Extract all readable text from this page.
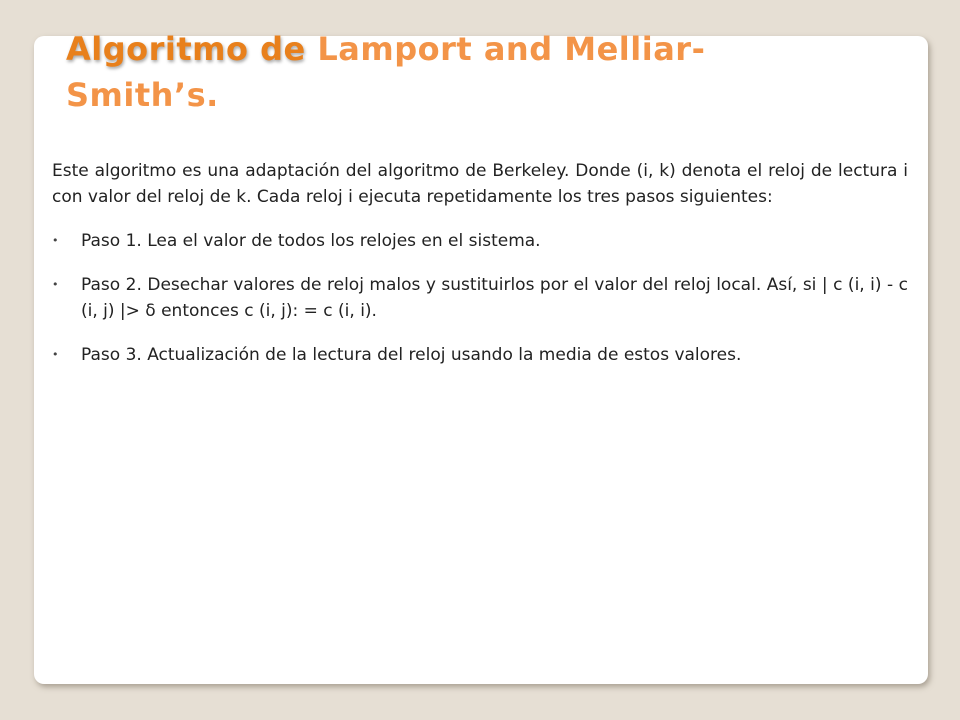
Algoritmo de Lamport and Melliar-Smith’s.

Este algoritmo es una adaptación del algoritmo de Berkeley. Donde (i, k) denota el reloj de lectura i con valor del reloj de k. Cada reloj i ejecuta repetidamente los tres pasos siguientes:

• Paso 1. Lea el valor de todos los relojes en el sistema.
• Paso 2. Desechar valores de reloj malos y sustituirlos por el valor del reloj local. Así, si | c (i, i) - c (i, j) |> δ entonces c (i, j): = c (i, i).
• Paso 3. Actualización de la lectura del reloj usando la media de estos valores.
